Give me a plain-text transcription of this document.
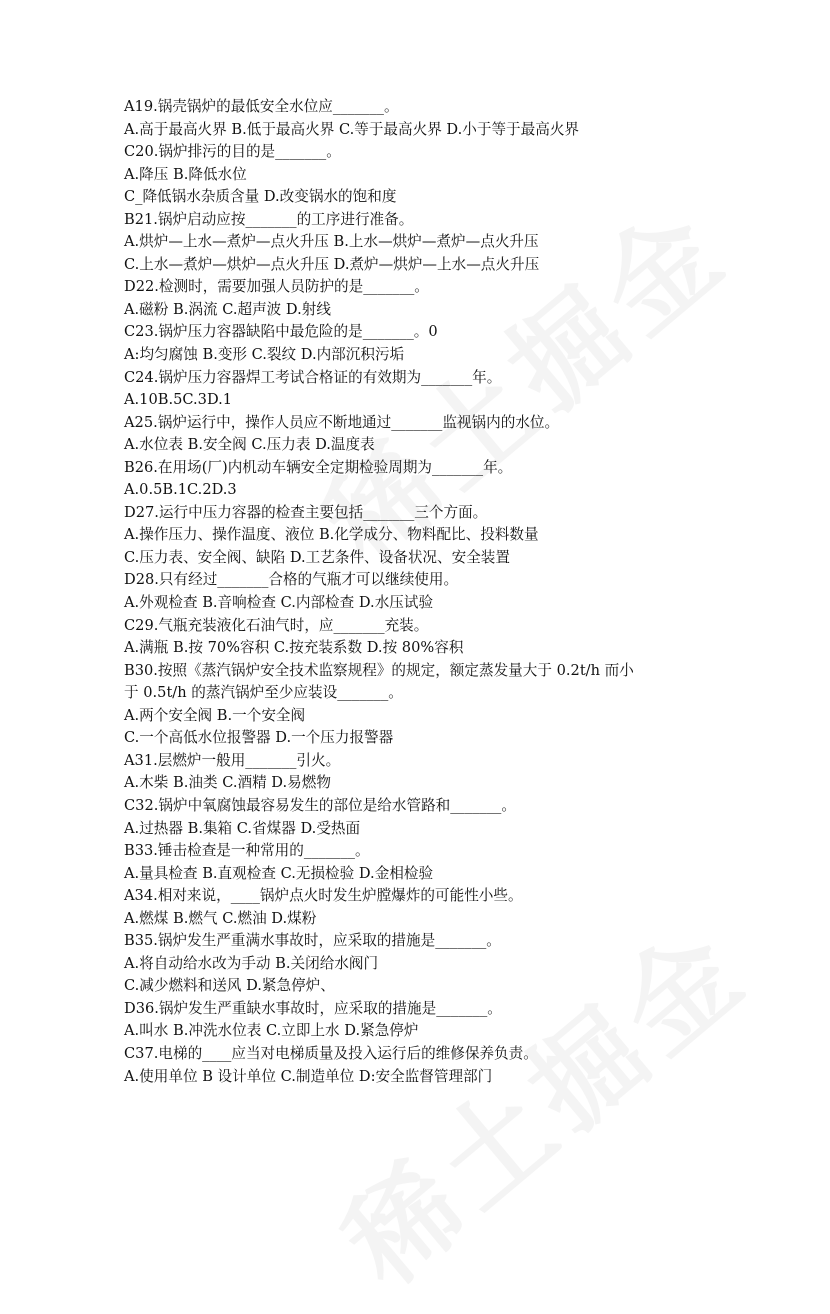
A19.锅壳锅炉的最低安全水位应_______。
A.高于最高火界 B.低于最高火界 C.等于最高火界 D.小于等于最高火界
C20.锅炉排污的目的是_______。
A.降压 B.降低水位
C_降低锅水杂质含量 D.改变锅水的饱和度
B21.锅炉启动应按_______的工序进行准备。
A.烘炉—上水—煮炉—点火升压 B.上水—烘炉—煮炉—点火升压
C.上水—煮炉—烘炉—点火升压 D.煮炉—烘炉—上水—点火升压
D22.检测时，需要加强人员防护的是_______。
A.磁粉 B.涡流 C.超声波 D.射线
C23.锅炉压力容器缺陷中最危险的是_______。0
A:均匀腐蚀 B.变形 C.裂纹 D.内部沉积污垢
C24.锅炉压力容器焊工考试合格证的有效期为_______年。
A.10B.5C.3D.1
A25.锅炉运行中，操作人员应不断地通过_______监视锅内的水位。
A.水位表 B.安全阀 C.压力表 D.温度表
B26.在用场(厂)内机动车辆安全定期检验周期为_______年。
A.0.5B.1C.2D.3
D27.运行中压力容器的检查主要包括_______三个方面。
A.操作压力、操作温度、液位 B.化学成分、物料配比、投料数量
C.压力表、安全阀、缺陷 D.工艺条件、设备状况、安全装置
D28.只有经过_______合格的气瓶才可以继续使用。
A.外观检查 B.音响检查 C.内部检查 D.水压试验
C29.气瓶充装液化石油气时，应_______充装。
A.满瓶 B.按 70%容积 C.按充装系数 D.按 80%容积
B30.按照《蒸汽锅炉安全技术监察规程》的规定，额定蒸发量大于 0.2t/h 而小
于 0.5t/h 的蒸汽锅炉至少应装设_______。
A.两个安全阀 B.一个安全阀
C.一个高低水位报警器 D.一个压力报警器
A31.层燃炉一般用_______引火。
A.木柴 B.油类 C.酒精 D.易燃物
C32.锅炉中氧腐蚀最容易发生的部位是给水管路和_______。
A.过热器 B.集箱 C.省煤器 D.受热面
B33.锤击检查是一种常用的_______。
A.量具检查 B.直观检查 C.无损检验 D.金相检验
A34.相对来说，____锅炉点火时发生炉膛爆炸的可能性小些。
A.燃煤 B.燃气 C.燃油 D.煤粉
B35.锅炉发生严重满水事故时，应采取的措施是_______。
A.将自动给水改为手动 B.关闭给水阀门
C.减少燃料和送风 D.紧急停炉、
D36.锅炉发生严重缺水事故时，应采取的措施是_______。
A.叫水 B.冲洗水位表 C.立即上水 D.紧急停炉
C37.电梯的____应当对电梯质量及投入运行后的维修保养负责。
A.使用单位 B 设计单位 C.制造单位 D:安全监督管理部门
